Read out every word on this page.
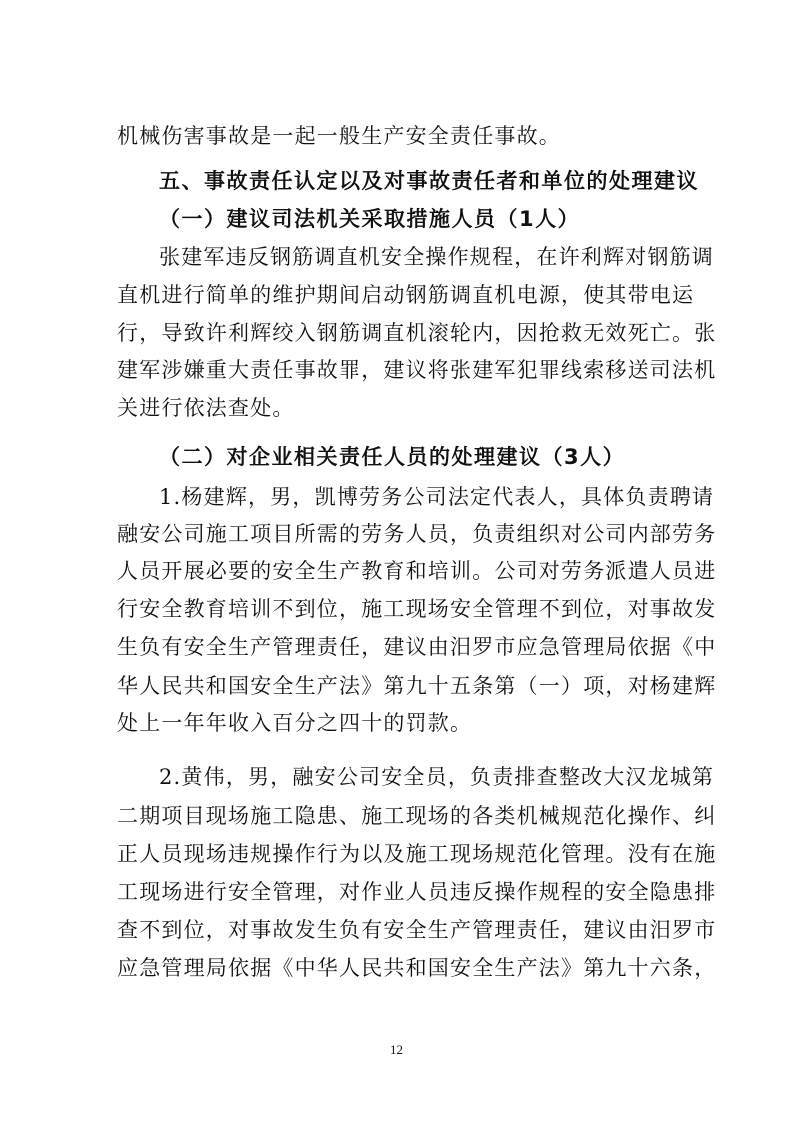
机械伤害事故是一起一般生产安全责任事故。
五、事故责任认定以及对事故责任者和单位的处理建议
（一）建议司法机关采取措施人员（1人）
张建军违反钢筋调直机安全操作规程，在许利辉对钢筋调
直机进行简单的维护期间启动钢筋调直机电源，使其带电运
行，导致许利辉绞入钢筋调直机滚轮内，因抢救无效死亡。张
建军涉嫌重大责任事故罪，建议将张建军犯罪线索移送司法机
关进行依法查处。
（二）对企业相关责任人员的处理建议（3人）
1.杨建辉，男，凯博劳务公司法定代表人，具体负责聘请
融安公司施工项目所需的劳务人员，负责组织对公司内部劳务
人员开展必要的安全生产教育和培训。公司对劳务派遣人员进
行安全教育培训不到位，施工现场安全管理不到位，对事故发
生负有安全生产管理责任，建议由汨罗市应急管理局依据《中
华人民共和国安全生产法》第九十五条第（一）项，对杨建辉
处上一年年收入百分之四十的罚款。
2.黄伟，男，融安公司安全员，负责排查整改大汉龙城第
二期项目现场施工隐患、施工现场的各类机械规范化操作、纠
正人员现场违规操作行为以及施工现场规范化管理。没有在施
工现场进行安全管理，对作业人员违反操作规程的安全隐患排
查不到位，对事故发生负有安全生产管理责任，建议由汨罗市
应急管理局依据《中华人民共和国安全生产法》第九十六条，
12
